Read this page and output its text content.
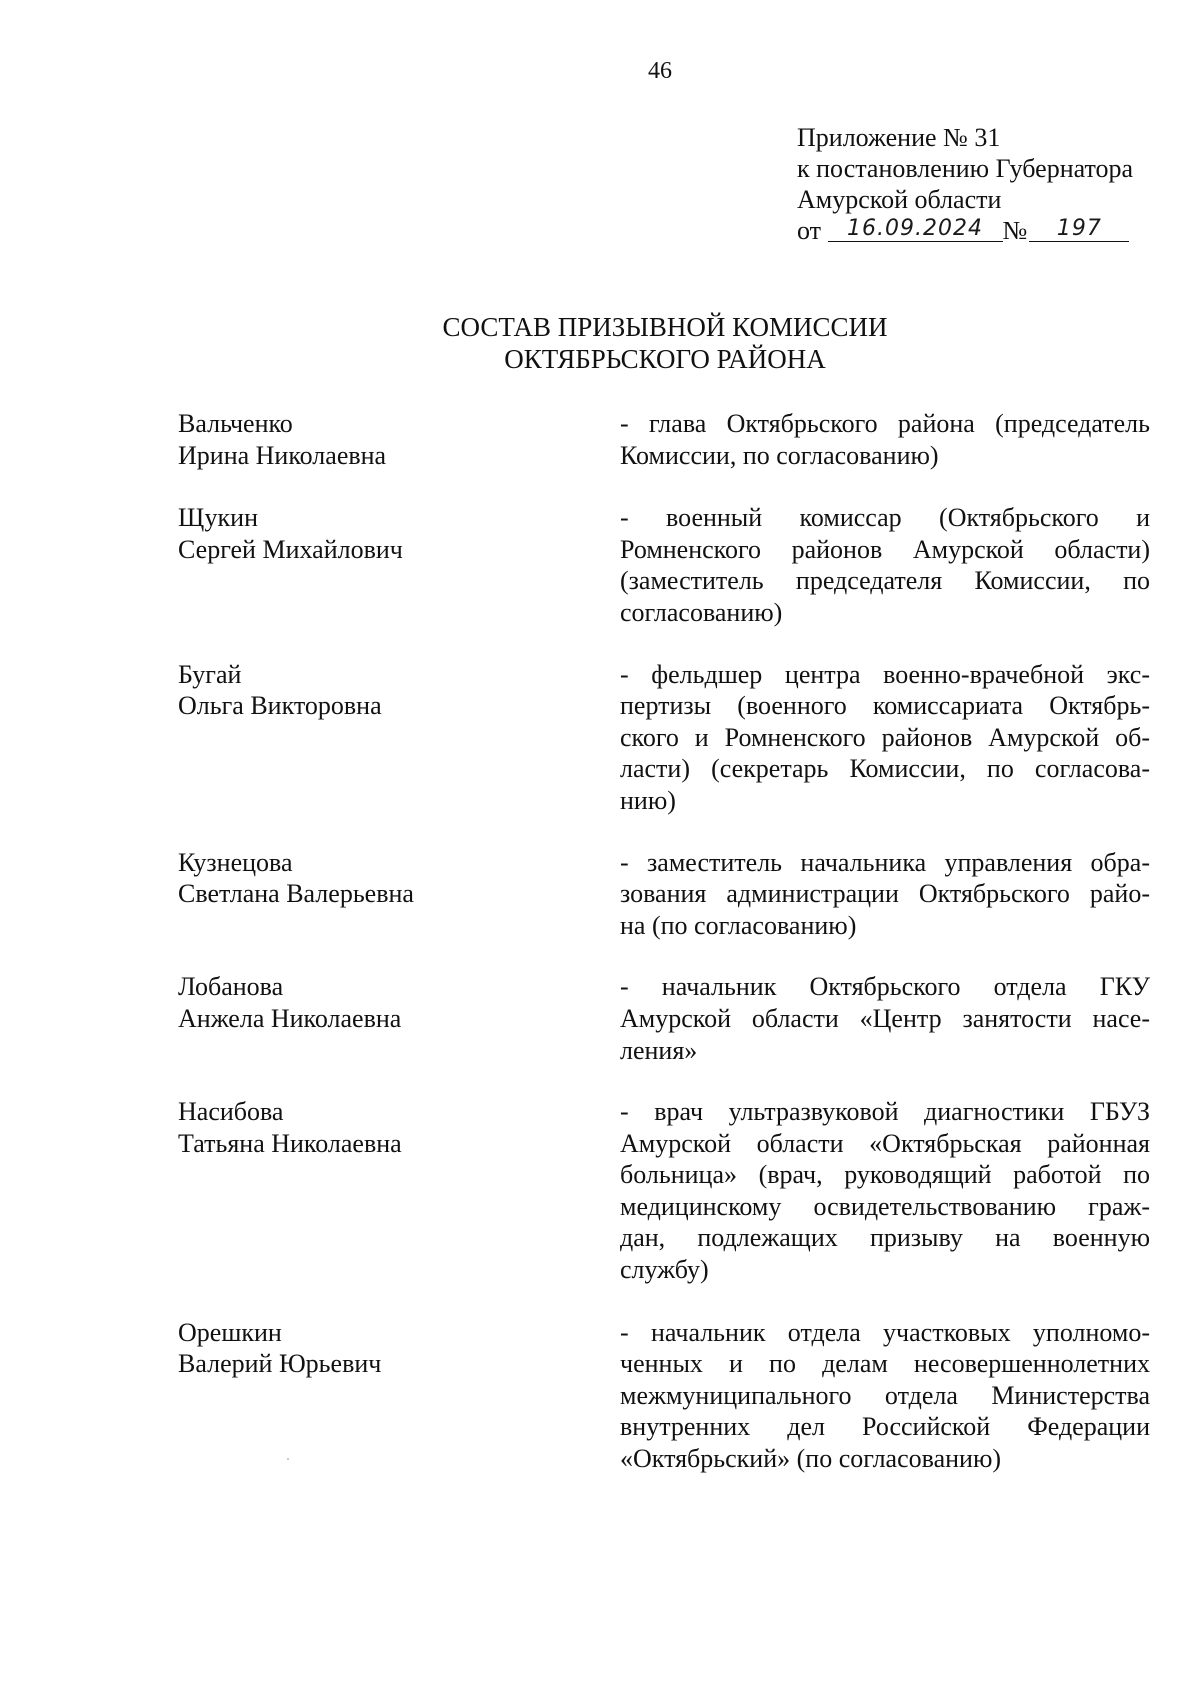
46
Приложение № 31
к постановлению Губернатора
Амурской области
от 16.09.2024 № 197
СОСТАВ ПРИЗЫВНОЙ КОМИССИИ
ОКТЯБРЬСКОГО РАЙОНА
Вальченко
Ирина Николаевна
- глава Октябрьского района (председатель
Комиссии, по согласованию)
Щукин
Сергей Михайлович
- военный комиссар (Октябрьского и
Ромненского районов Амурской области)
(заместитель председателя Комиссии, по
согласованию)
Бугай
Ольга Викторовна
- фельдшер центра военно-врачебной экс-
пертизы (военного комиссариата Октябрь-
ского и Ромненского районов Амурской об-
ласти) (секретарь Комиссии, по согласова-
нию)
Кузнецова
Светлана Валерьевна
- заместитель начальника управления обра-
зования администрации Октябрьского райо-
на (по согласованию)
Лобанова
Анжела Николаевна
- начальник Октябрьского отдела ГКУ
Амурской области «Центр занятости насе-
ления»
Насибова
Татьяна Николаевна
- врач ультразвуковой диагностики ГБУЗ
Амурской области «Октябрьская районная
больница» (врач, руководящий работой по
медицинскому освидетельствованию граж-
дан, подлежащих призыву на военную
службу)
Орешкин
Валерий Юрьевич
- начальник отдела участковых уполномо-
ченных и по делам несовершеннолетних
межмуниципального отдела Министерства
внутренних дел Российской Федерации
«Октябрьский» (по согласованию)
